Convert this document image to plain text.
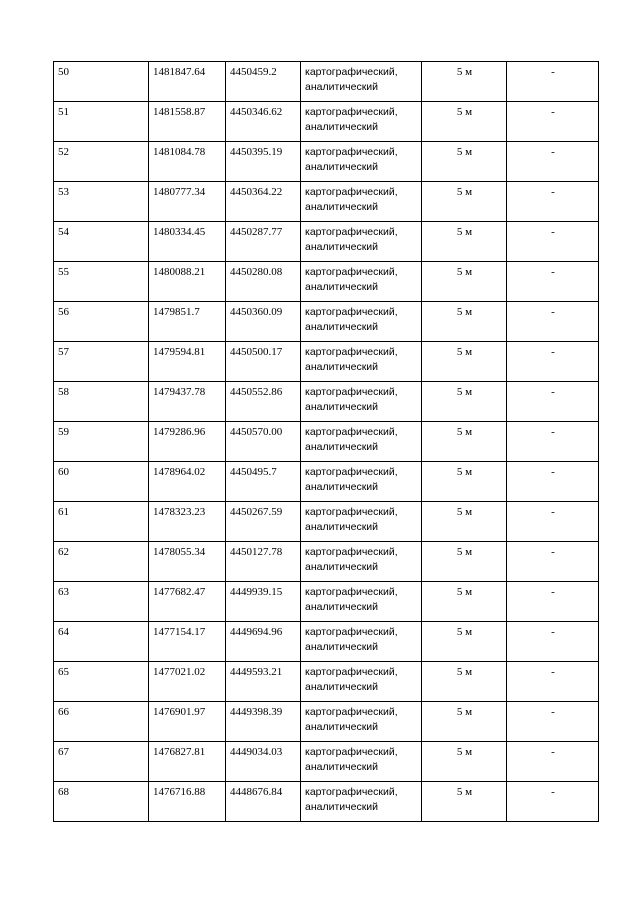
50	1481847.64	4450459.2	картографический, аналитический	5 м	-
51	1481558.87	4450346.62	картографический, аналитический	5 м	-
52	1481084.78	4450395.19	картографический, аналитический	5 м	-
53	1480777.34	4450364.22	картографический, аналитический	5 м	-
54	1480334.45	4450287.77	картографический, аналитический	5 м	-
55	1480088.21	4450280.08	картографический, аналитический	5 м	-
56	1479851.7	4450360.09	картографический, аналитический	5 м	-
57	1479594.81	4450500.17	картографический, аналитический	5 м	-
58	1479437.78	4450552.86	картографический, аналитический	5 м	-
59	1479286.96	4450570.00	картографический, аналитический	5 м	-
60	1478964.02	4450495.7	картографический, аналитический	5 м	-
61	1478323.23	4450267.59	картографический, аналитический	5 м	-
62	1478055.34	4450127.78	картографический, аналитический	5 м	-
63	1477682.47	4449939.15	картографический, аналитический	5 м	-
64	1477154.17	4449694.96	картографический, аналитический	5 м	-
65	1477021.02	4449593.21	картографический, аналитический	5 м	-
66	1476901.97	4449398.39	картографический, аналитический	5 м	-
67	1476827.81	4449034.03	картографический, аналитический	5 м	-
68	1476716.88	4448676.84	картографический, аналитический	5 м	-
